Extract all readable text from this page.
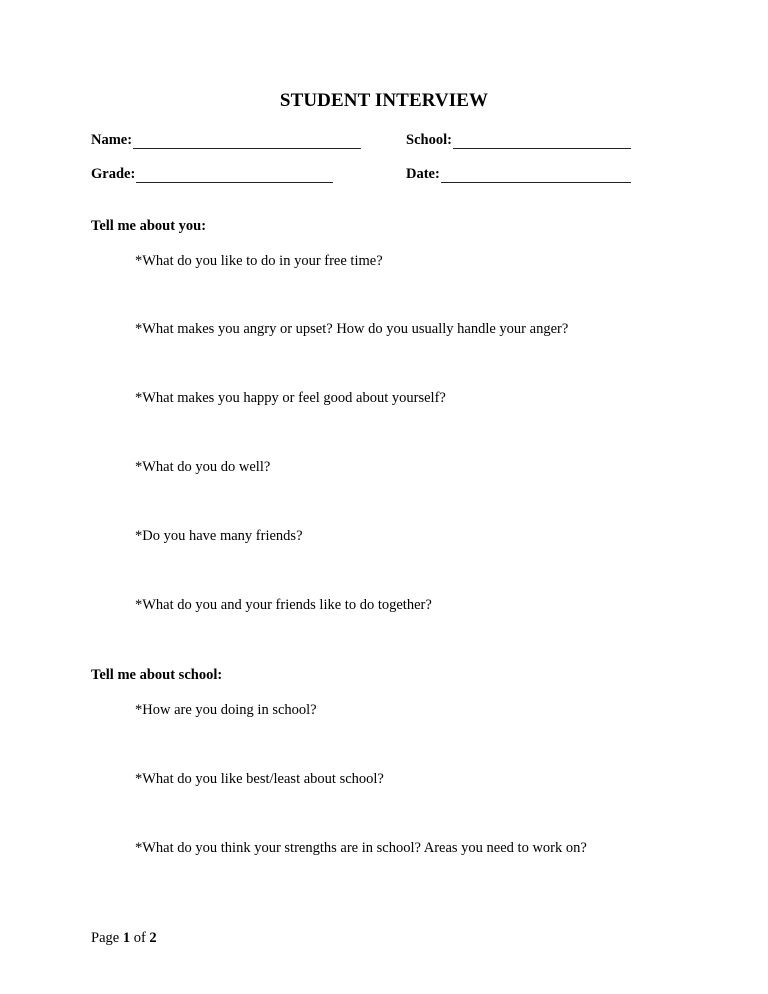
STUDENT INTERVIEW
Name:	School:
Grade:	Date:
Tell me about you:
*What do you like to do in your free time?
*What makes you angry or upset? How do you usually handle your anger?
*What makes you happy or feel good about yourself?
*What do you do well?
*Do you have many friends?
*What do you and your friends like to do together?
Tell me about school:
*How are you doing in school?
*What do you like best/least about school?
*What do you think your strengths are in school? Areas you need to work on?
Page 1 of 2
